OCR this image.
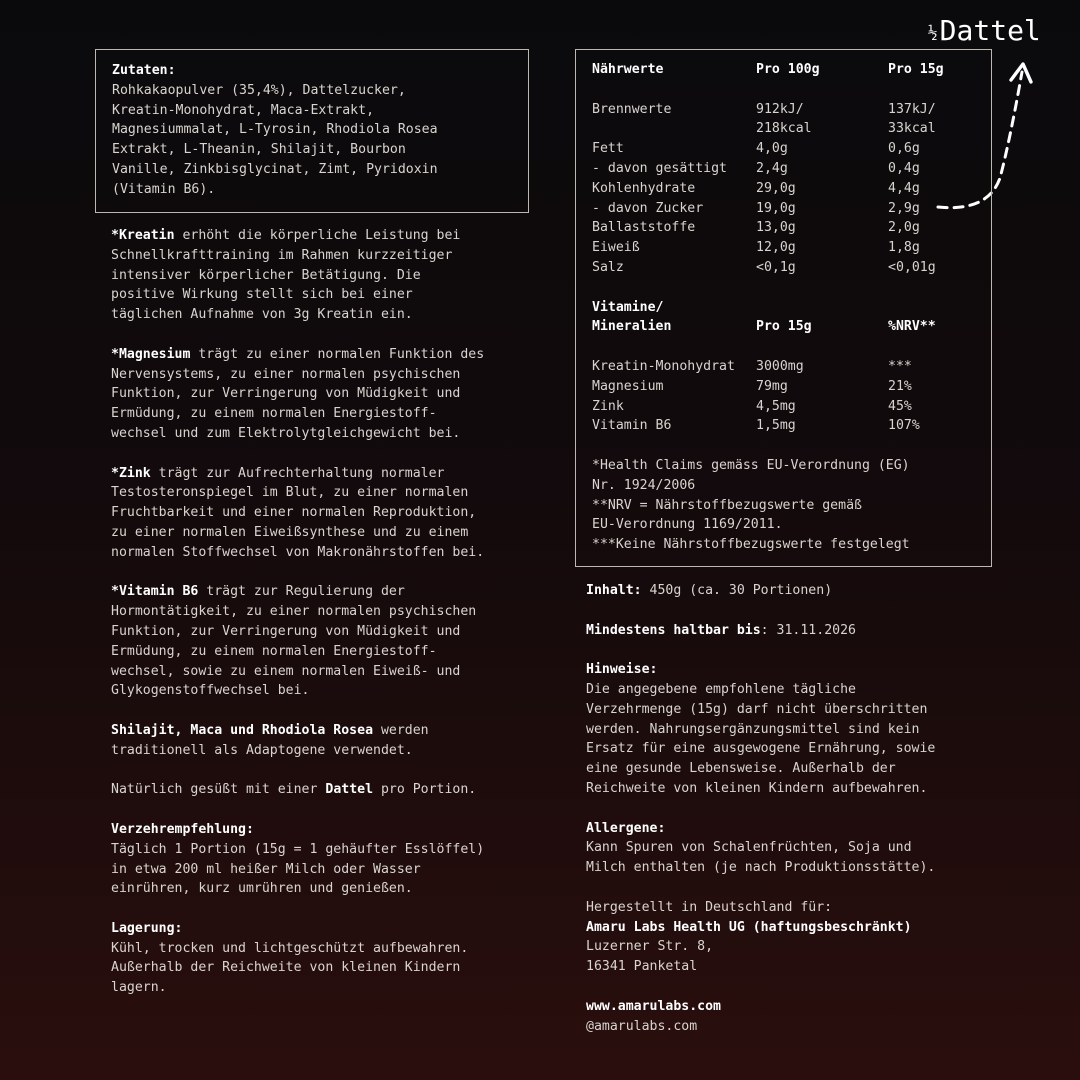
½Dattel

Zutaten:

Rohkakaopulver (35,4%), Dattelzucker,

Kreatin-Monohydrat, Maca-Extrakt,

Magnesiummalat, L-Tyrosin, Rhodiola Rosea

Extrakt, L-Theanin, Shilajit, Bourbon

Vanille, Zinkbisglycinat, Zimt, Pyridoxin

(Vitamin B6).

*Kreatin erhöht die körperliche Leistung bei
Schnellkrafttraining im Rahmen kurzzeitiger
intensiver körperlicher Betätigung. Die
positive Wirkung stellt sich bei einer
täglichen Aufnahme von 3g Kreatin ein.

*Magnesium trägt zu einer normalen Funktion des
Nervensystems, zu einer normalen psychischen
Funktion, zur Verringerung von Müdigkeit und
Ermüdung, zu einem normalen Energiestoff-
wechsel und zum Elektrolytgleichgewicht bei.

*Zink trägt zur Aufrechterhaltung normaler
Testosteronspiegel im Blut, zu einer normalen
Fruchtbarkeit und einer normalen Reproduktion,
zu einer normalen Eiweißsynthese und zu einem
normalen Stoffwechsel von Makronährstoffen bei.

*Vitamin B6 trägt zur Regulierung der
Hormontätigkeit, zu einer normalen psychischen
Funktion, zur Verringerung von Müdigkeit und
Ermüdung, zu einem normalen Energiestoff-
wechsel, sowie zu einem normalen Eiweiß- und
Glykogenstoffwechsel bei.

Shilajit, Maca und Rhodiola Rosea werden
traditionell als Adaptogene verwendet.

Natürlich gesüßt mit einer Dattel pro Portion.

Verzehrempfehlung:
Täglich 1 Portion (15g = 1 gehäufter Esslöffel)
in etwa 200 ml heißer Milch oder Wasser
einrühren, kurz umrühren und genießen.

Lagerung:
Kühl, trocken und lichtgeschützt aufbewahren.
Außerhalb der Reichweite von kleinen Kindern
lagern.

Nährwerte	Pro 100g	Pro 15g
Brennwerte	912kJ/	137kJ/
218kcal	33kcal
Fett	4,0g	0,6g
- davon gesättigt 2,4g	0,4g
Kohlenhydrate	29,0g	4,4g
- davon Zucker	19,0g	2,9g
Ballaststoffe	13,0g	2,0g
Eiweiß	12,0g	1,8g
Salz	<0,1g	<0,01g
Vitamine/
Mineralien	Pro 15g	%NRV**
Kreatin-Monohydrat 3000mg	***
Magnesium	79mg	21%
Zink	4,5mg	45%
Vitamin B6	1,5mg	107%

*Health Claims gemäss EU-Verordnung (EG)

Nr. 1924/2006

**NRV = Nährstoffbezugswerte gemäß

EU-Verordnung 1169/2011.

***Keine Nährstoffbezugswerte festgelegt

Inhalt: 450g (ca. 30 Portionen)

Mindestens haltbar bis: 31.11.2026

Hinweise:
Die angegebene empfohlene tägliche
Verzehrmenge (15g) darf nicht überschritten
werden. Nahrungsergänzungsmittel sind kein
Ersatz für eine ausgewogene Ernährung, sowie
eine gesunde Lebensweise. Außerhalb der
Reichweite von kleinen Kindern aufbewahren.

Allergene:
Kann Spuren von Schalenfrüchten, Soja und
Milch enthalten (je nach Produktionsstätte).

Hergestellt in Deutschland für:
Amaru Labs Health UG (haftungsbeschränkt)
Luzerner Str. 8,
16341 Panketal

www.amarulabs.com
@amarulabs.com
